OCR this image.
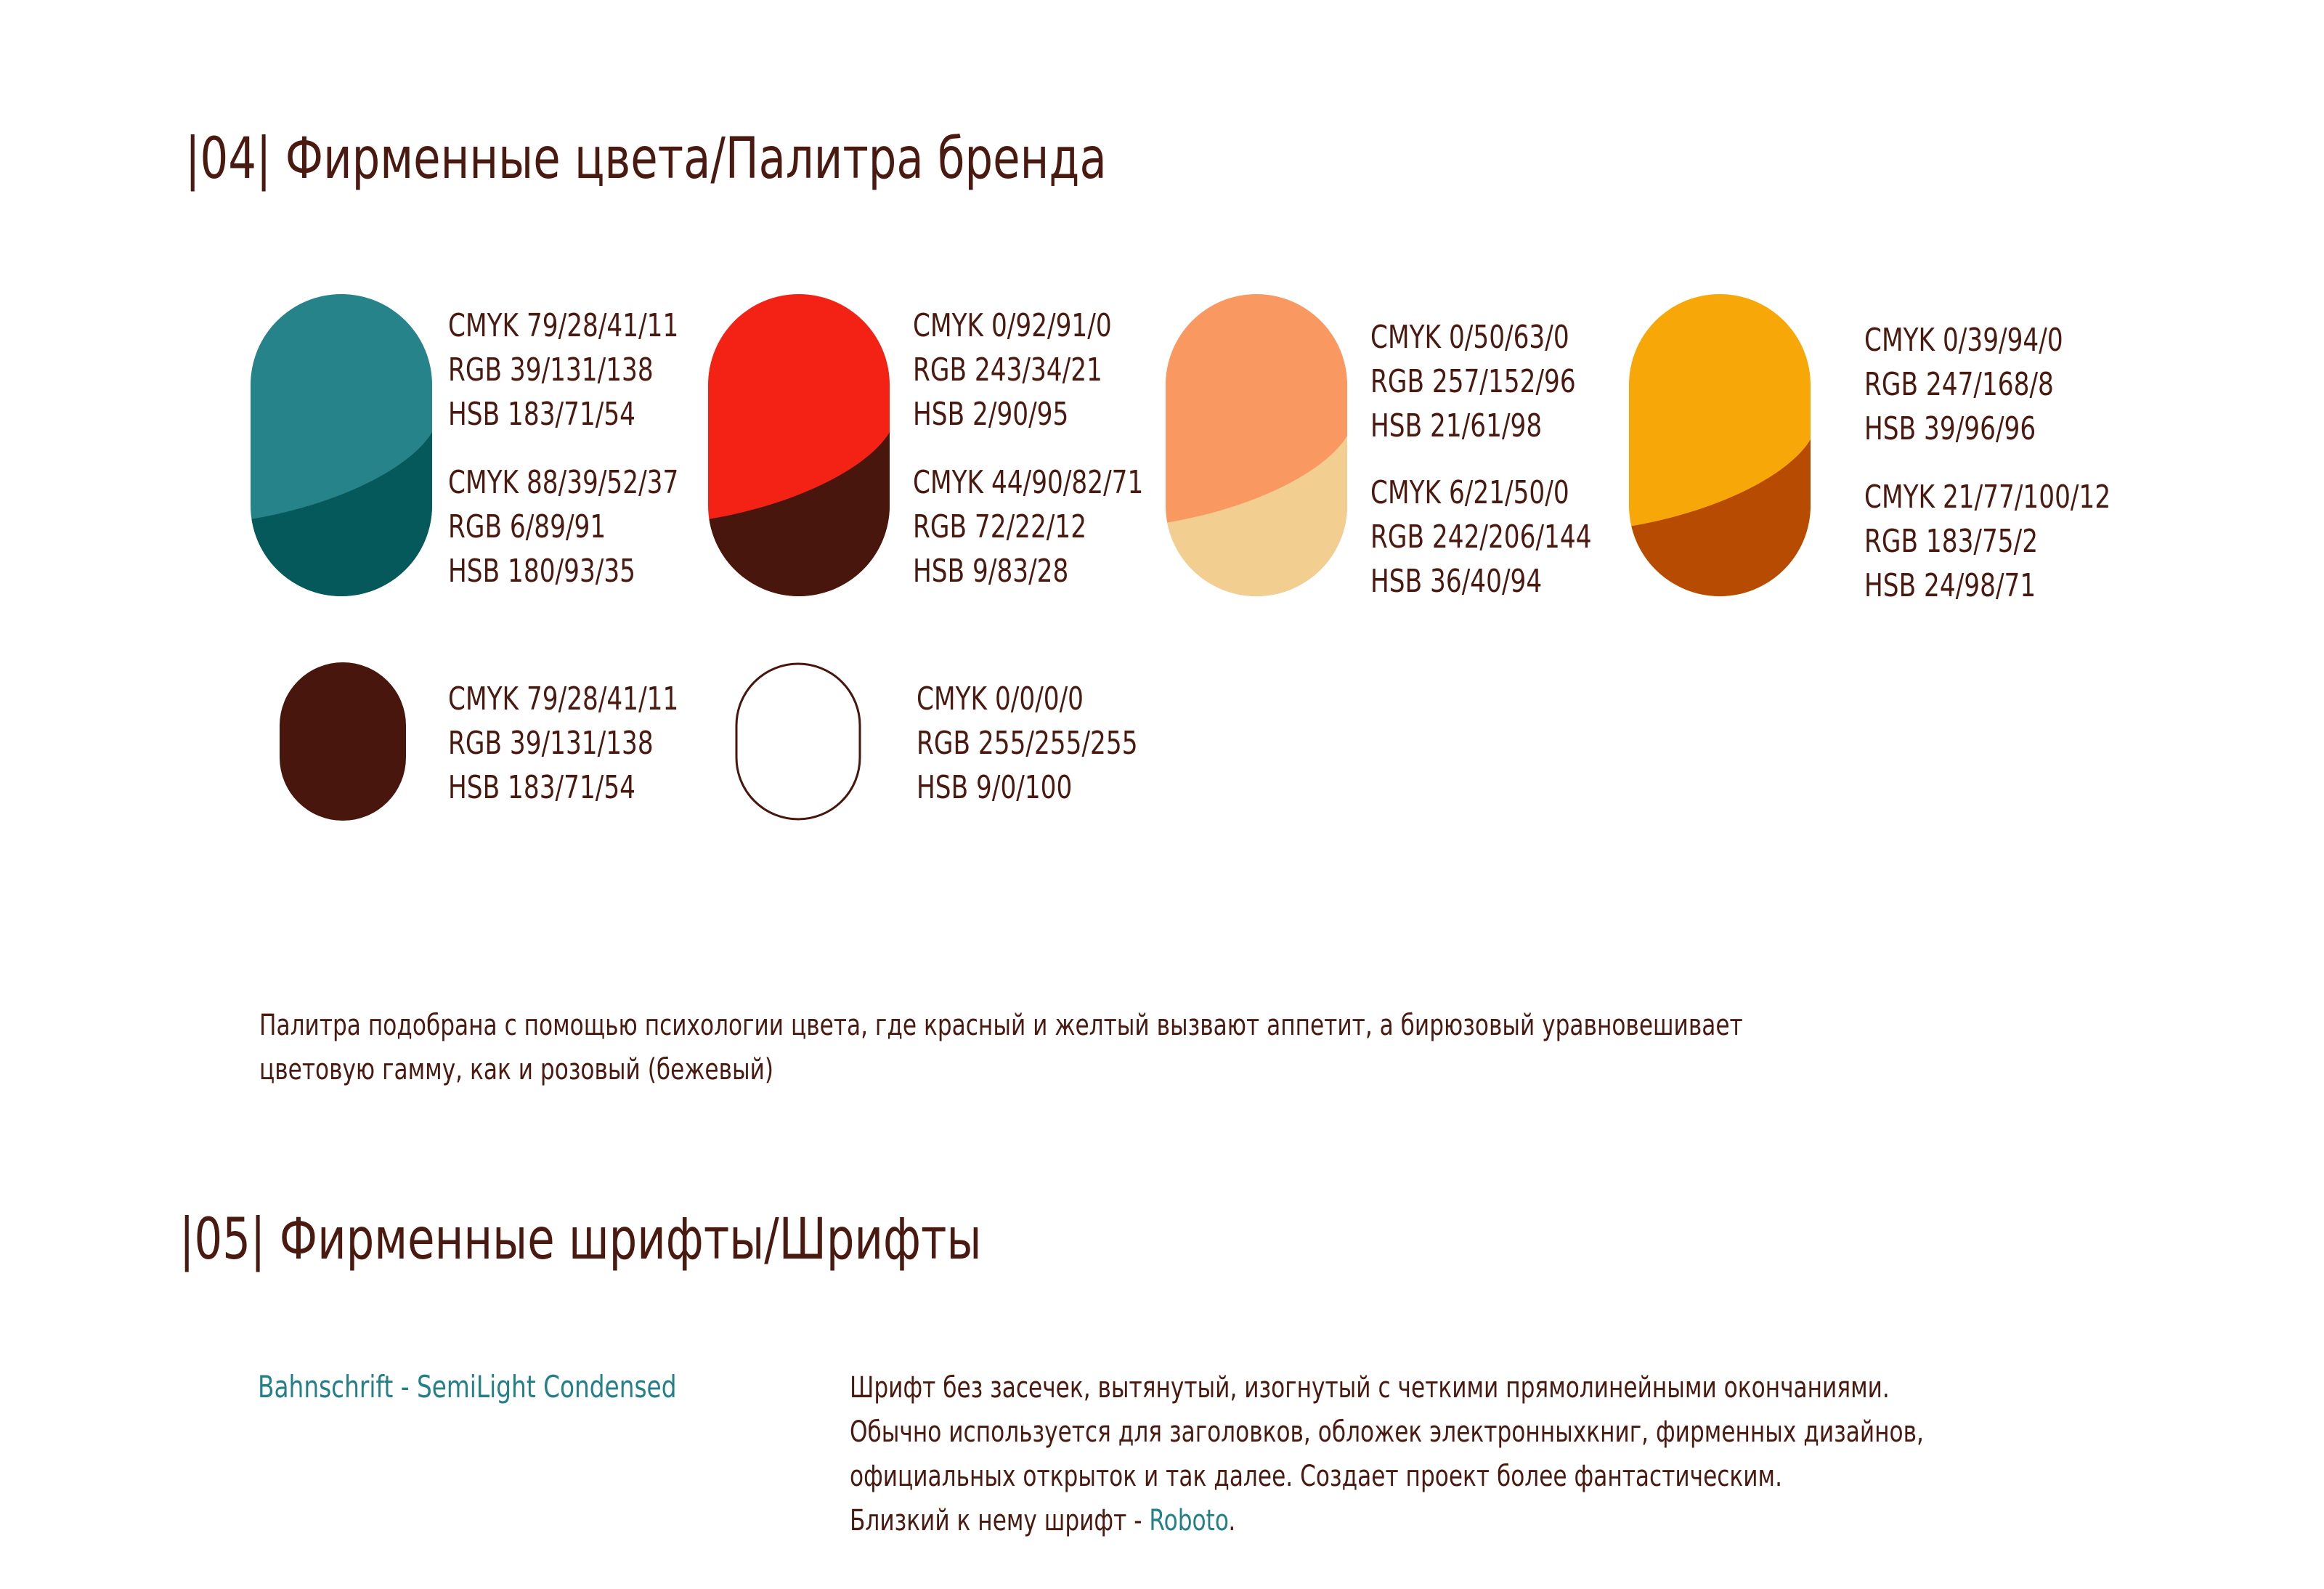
|04| Фирменные цвета/Палитра бренда
CMYK 79/28/41/11
RGB 39/131/138
HSB 183/71/54
CMYK 88/39/52/37
RGB 6/89/91
HSB 180/93/35
CMYK 0/92/91/0
RGB 243/34/21
HSB 2/90/95
CMYK 44/90/82/71
RGB 72/22/12
HSB 9/83/28
CMYK 0/50/63/0
RGB 257/152/96
HSB 21/61/98
CMYK 6/21/50/0
RGB 242/206/144
HSB 36/40/94
CMYK 0/39/94/0
RGB 247/168/8
HSB 39/96/96
CMYK 21/77/100/12
RGB 183/75/2
HSB 24/98/71
CMYK 79/28/41/11
RGB 39/131/138
HSB 183/71/54
CMYK 0/0/0/0
RGB 255/255/255
HSB 9/0/100
Палитра подобрана с помощью психологии цвета, где красный и желтый вызвают аппетит, а бирюзовый уравновешивает
цветовую гамму, как и розовый (бежевый)
|05| Фирменные шрифты/Шрифты
Bahnschrift - SemiLight Condensed	Шрифт без засечек, вытянутый, изогнутый с четкими прямолинейными окончаниями.
Обычно используется для заголовков, обложек электронныхкниг, фирменных дизайнов,
официальных открыток и так далее. Создает проект более фантастическим.
Близкий к нему шрифт - Roboto.
